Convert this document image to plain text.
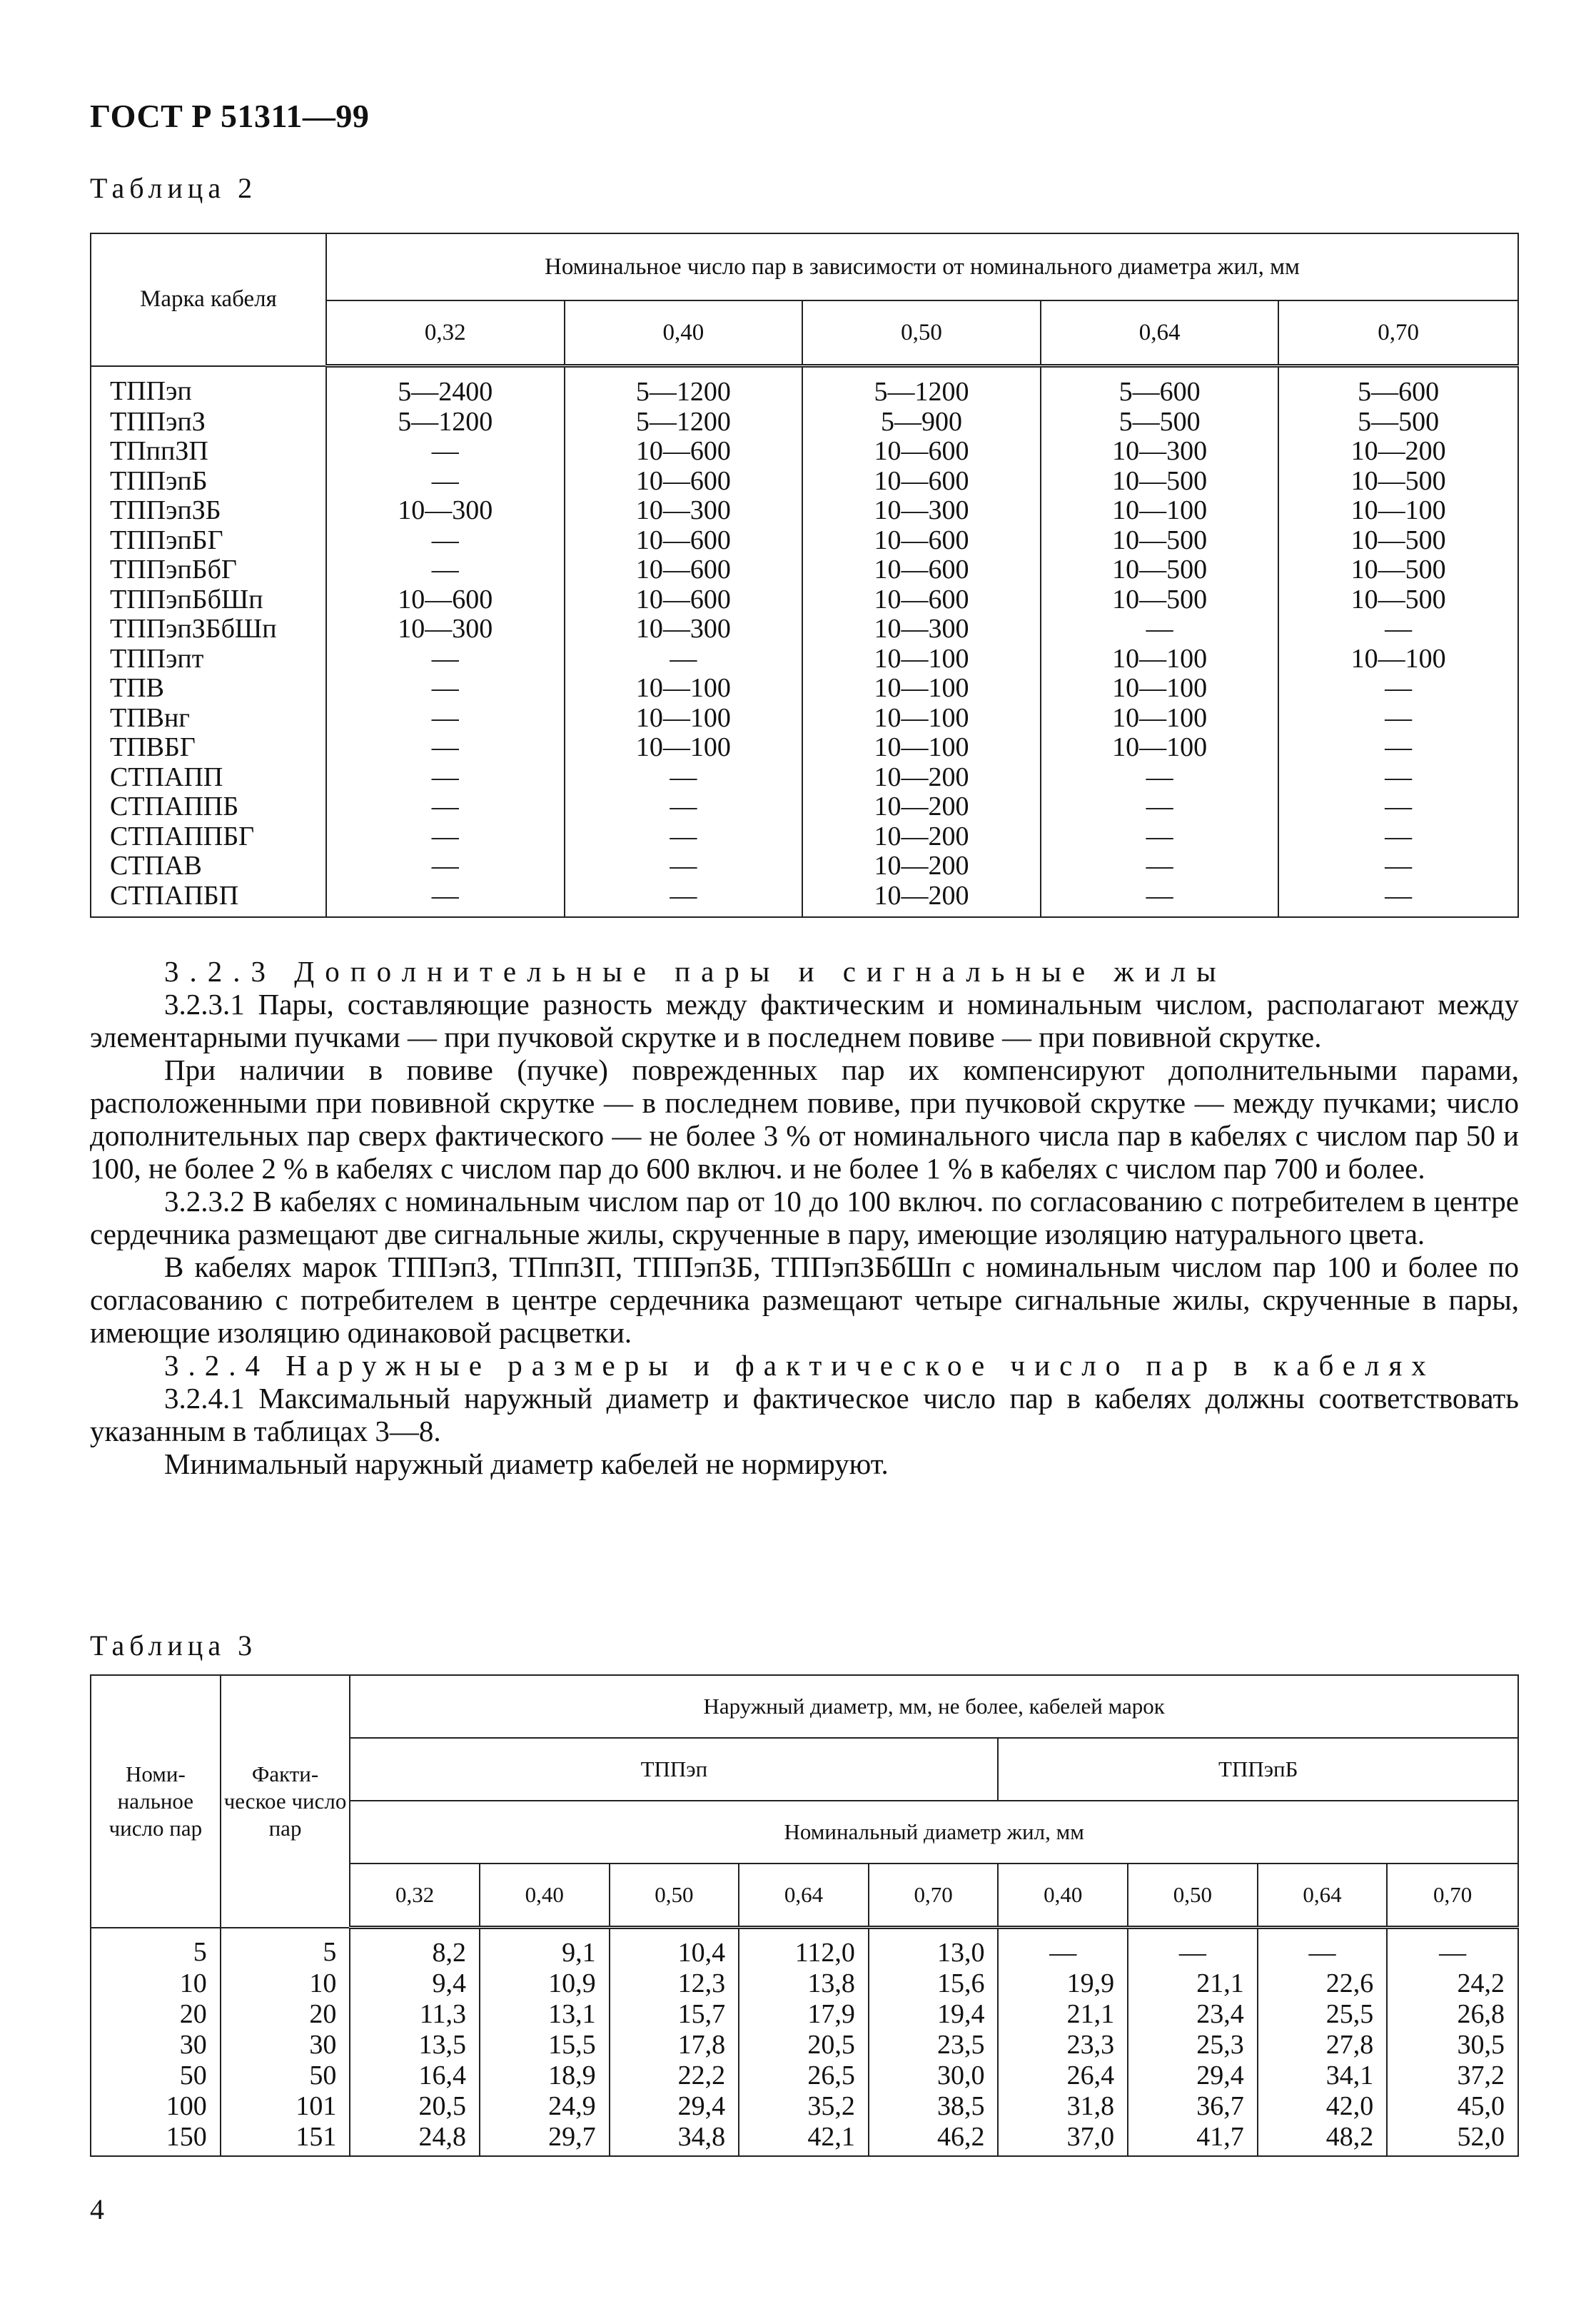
ГОСТ Р 51311—99
Таблица 2
Марка кабеля	Номинальное число пар в зависимости от номинального диаметра жил, мм				
	0,32	0,40	0,50	0,64	0,70
ТППэп	5—2400	5—1200	5—1200	5—600	5—600
ТППэпЗ	5—1200	5—1200	5—900	5—500	5—500
ТПппЗП	—	10—600	10—600	10—300	10—200
ТППэпБ	—	10—600	10—600	10—500	10—500
ТППэпЗБ	10—300	10—300	10—300	10—100	10—100
ТППэпБГ	—	10—600	10—600	10—500	10—500
ТППэпБбГ	—	10—600	10—600	10—500	10—500
ТППэпБбШп	10—600	10—600	10—600	10—500	10—500
ТППэпЗБбШп	10—300	10—300	10—300	—	—
ТППэпт	—	—	10—100	10—100	10—100
ТПВ	—	10—100	10—100	10—100	—
ТПВнг	—	10—100	10—100	10—100	—
ТПВБГ	—	10—100	10—100	10—100	—
СТПАПП	—	—	10—200	—	—
СТПАППБ	—	—	10—200	—	—
СТПАППБГ	—	—	10—200	—	—
СТПАВ	—	—	10—200	—	—
СТПАПБП	—	—	10—200	—	—

3.2.3 Дополнительные пары и сигнальные жилы

3.2.3.1 Пары, составляющие разность между фактическим и номинальным числом, располагают между элементарными пучками — при пучковой скрутке и в последнем повиве — при повивной скрутке.

При наличии в повиве (пучке) поврежденных пар их компенсируют дополнительными парами, расположенными при повивной скрутке — в последнем повиве, при пучковой скрутке — между пучками; число дополнительных пар сверх фактического — не более 3 % от номинального числа пар в кабелях с числом пар 50 и 100, не более 2 % в кабелях с числом пар до 600 включ. и не более 1 % в кабелях с числом пар 700 и более.

3.2.3.2 В кабелях с номинальным числом пар от 10 до 100 включ. по согласованию с потребителем в центре сердечника размещают две сигнальные жилы, скрученные в пару, имеющие изоляцию натурального цвета.

В кабелях марок ТППэпЗ, ТПппЗП, ТППэпЗБ, ТППэпЗБбШп с номинальным числом пар 100 и более по согласованию с потребителем в центре сердечника размещают четыре сигнальные жилы, скрученные в пары, имеющие изоляцию одинаковой расцветки.

3.2.4 Наружные размеры и фактическое число пар в кабелях

3.2.4.1 Максимальный наружный диаметр и фактическое число пар в кабелях должны соответствовать указанным в таблицах 3—8.

Минимальный наружный диаметр кабелей не нормируют.

Таблица 3
Номи-нальное число пар	Факти-ческое число пар	Наружный диаметр, мм, не более, кабелей марок								
		ТППэп					ТППэпБ			
		Номинальный диаметр жил, мм								
		0,32	0,40	0,50	0,64	0,70	0,40	0,50	0,64	0,70
5	5	8,2	9,1	10,4	112,0	13,0	—	—	—	—
10	10	9,4	10,9	12,3	13,8	15,6	19,9	21,1	22,6	24,2
20	20	11,3	13,1	15,7	17,9	19,4	21,1	23,4	25,5	26,8
30	30	13,5	15,5	17,8	20,5	23,5	23,3	25,3	27,8	30,5
50	50	16,4	18,9	22,2	26,5	30,0	26,4	29,4	34,1	37,2
100	101	20,5	24,9	29,4	35,2	38,5	31,8	36,7	42,0	45,0
150	151	24,8	29,7	34,8	42,1	46,2	37,0	41,7	48,2	52,0
4
